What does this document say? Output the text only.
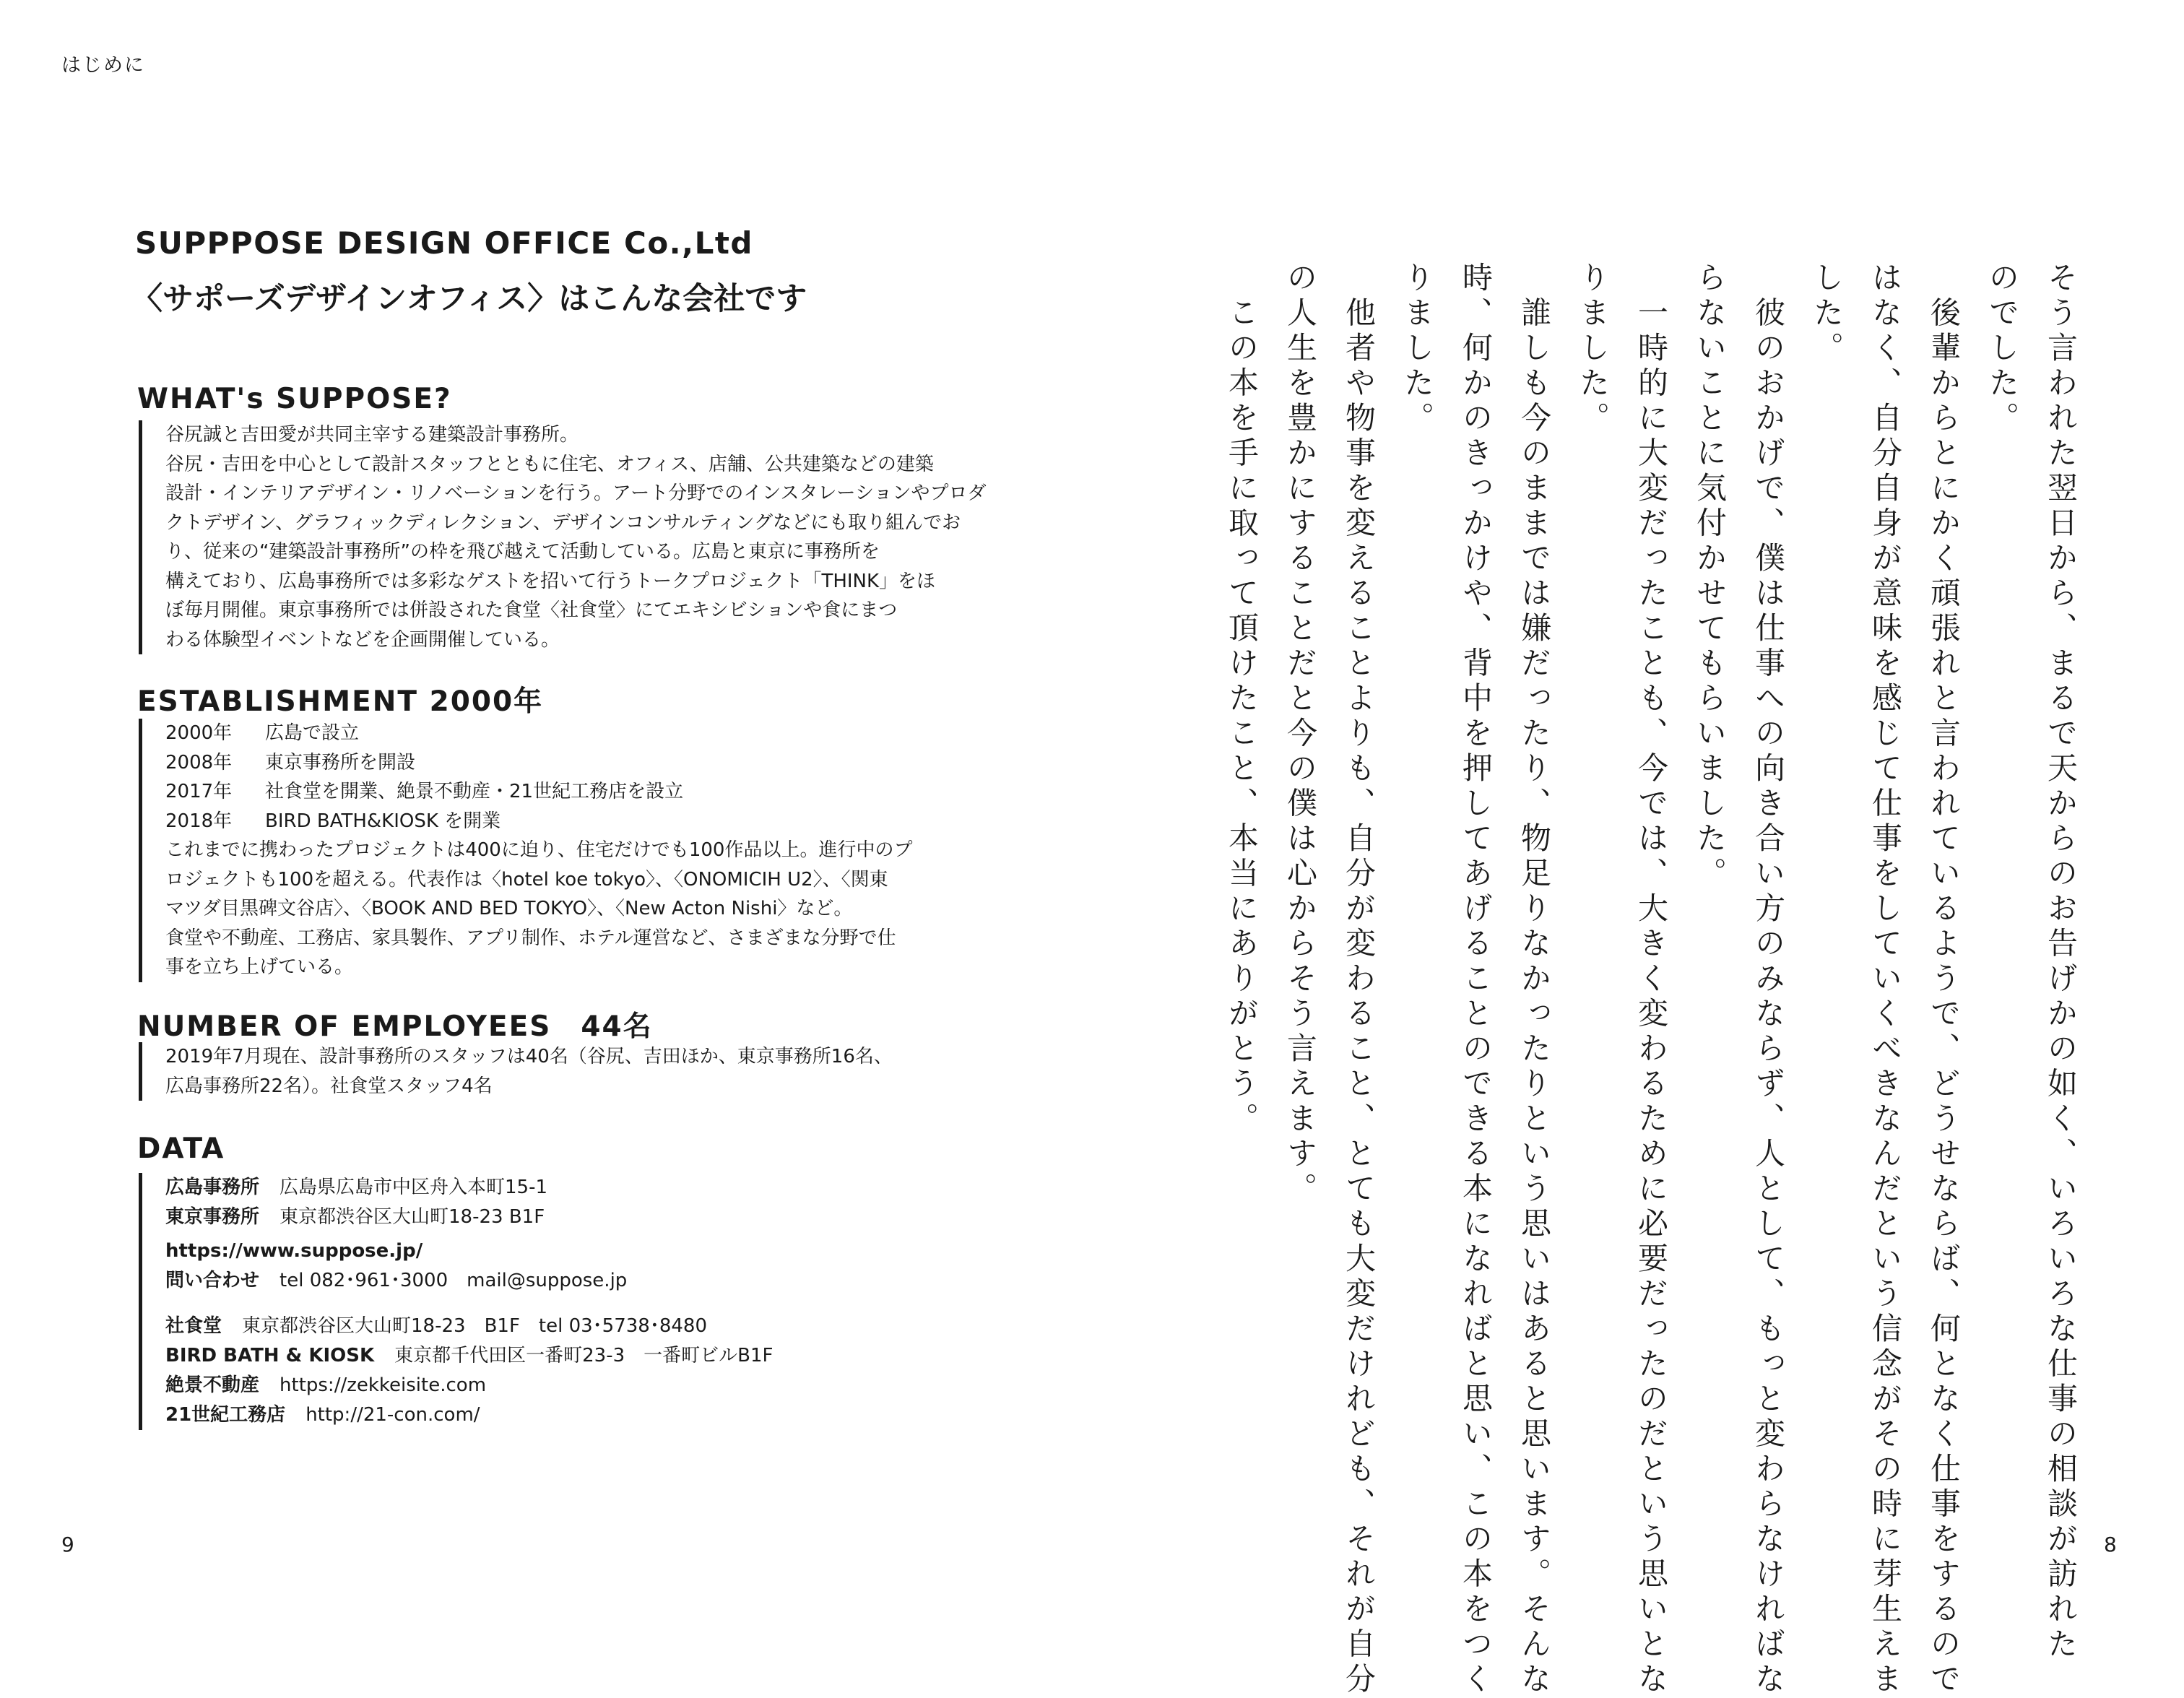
はじめに
SUPPPOSE DESIGN OFFICE Co.,Ltd
〈サポーズデザインオフィス〉はこんな会社です
WHAT's SUPPOSE?
谷尻誠と吉田愛が共同主宰する建築設計事務所。
谷尻・吉田を中心として設計スタッフとともに住宅、オフィス、店舗、公共建築などの建築
設計・インテリアデザイン・リノベーションを行う。アート分野でのインスタレーションやプロダ
クトデザイン、グラフィックディレクション、デザインコンサルティングなどにも取り組んでお
り、従来の“建築設計事務所”の枠を飛び越えて活動している。広島と東京に事務所を
構えており、広島事務所では多彩なゲストを招いて行うトークプロジェクト「THINK」をほ
ぼ毎月開催。東京事務所では併設された食堂〈社食堂〉にてエキシビションや食にまつ
わる体験型イベントなどを企画開催している。
ESTABLISHMENT 2000年
2000年 広島で設立
2008年 東京事務所を開設
2017年 社食堂を開業、絶景不動産・21世紀工務店を設立
2018年 BIRD BATH&KIOSK を開業
これまでに携わったプロジェクトは400に迫り、住宅だけでも100作品以上。進行中のプ
ロジェクトも100を超える。代表作は〈hotel koe tokyo〉、〈ONOMICIH U2〉、〈関東
マツダ目黒碑文谷店〉、〈BOOK AND BED TOKYO〉、〈New Acton Nishi〉など。
食堂や不動産、工務店、家具製作、アプリ制作、ホテル運営など、さまざまな分野で仕
事を立ち上げている。
NUMBER OF EMPLOYEES　44名
2019年7月現在、設計事務所のスタッフは40名（谷尻、吉田ほか、東京事務所16名、
広島事務所22名）。社食堂スタッフ4名
DATA
広島事務所 広島県広島市中区舟入本町15-1
東京事務所 東京都渋谷区大山町18-23 B1F
https://www.suppose.jp/
問い合わせ tel 082･961･3000　mail@suppose.jp
社食堂 東京都渋谷区大山町18-23　B1F　tel 03･5738･8480
BIRD BATH & KIOSK 東京都千代田区一番町23-3　一番町ビルB1F
絶景不動産 https://zekkeisite.com
21世紀工務店 http://21-con.com/
9	そう言われた翌日から、まるで天からのお告げかの如く、いろいろな仕事の相談が訪れた
のでした。
　後輩からとにかく頑張れと言われているようで、どうせならば、何となく仕事をするので
はなく、自分自身が意味を感じて仕事をしていくべきなんだという信念がその時に芽生えま
した。
　彼のおかげで、僕は仕事への向き合い方のみならず、人として、もっと変わらなければな
らないことに気付かせてもらいました。
　一時的に大変だったことも、今では、大きく変わるために必要だったのだという思いとな
りました。
　誰しも今のままでは嫌だったり、物足りなかったりという思いはあると思います。そんな
時、何かのきっかけや、背中を押してあげることのできる本になればと思い、この本をつく
りました。
　他者や物事を変えることよりも、自分が変わること、とても大変だけれども、それが自分
の人生を豊かにすることだと今の僕は心からそう言えます。
　この本を手に取って頂けたこと、本当にありがとう。
8
